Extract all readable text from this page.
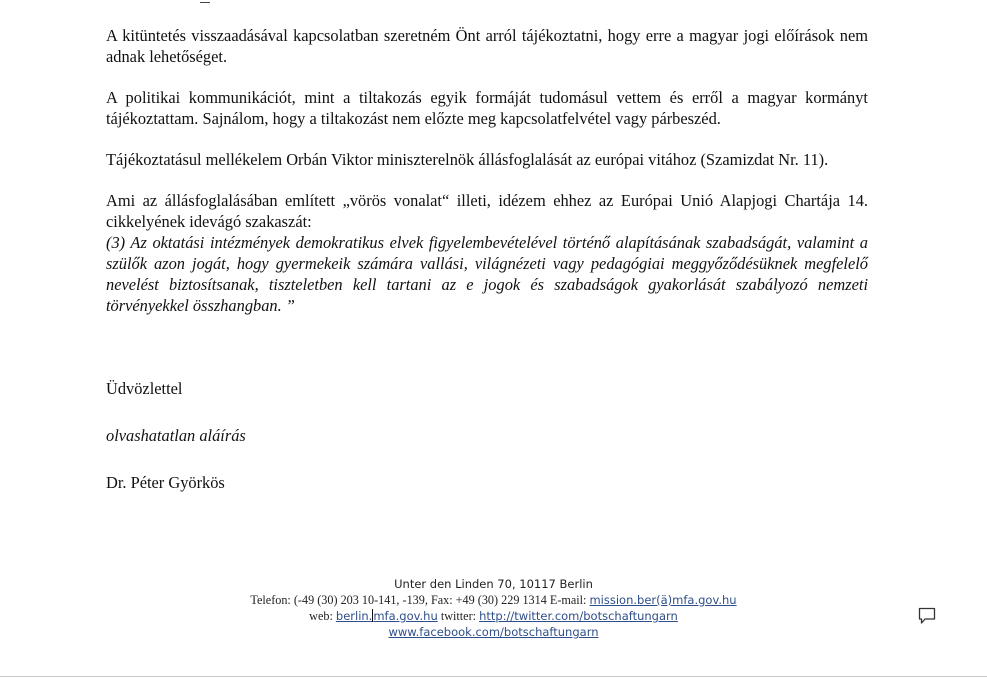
A kitüntetés visszaadásával kapcsolatban szeretném Önt arról tájékoztatni, hogy erre a magyar jogi előírások nem adnak lehetőséget.

A politikai kommunikációt, mint a tiltakozás egyik formáját tudomásul vettem és erről a magyar kormányt tájékoztattam. Sajnálom, hogy a tiltakozást nem előzte meg kapcsolatfelvétel vagy párbeszéd.

Tájékoztatásul mellékelem Orbán Viktor miniszterelnök állásfoglalását az európai vitához (Szamizdat Nr. 11).

Ami az állásfoglalásában említett „vörös vonalat“ illeti, idézem ehhez az Európai Unió Alapjogi Chartája 14. cikkelyének idevágó szakaszát:

(3) Az oktatási intézmények demokratikus elvek figyelembevételével történő alapításának szabadságát, valamint a szülők azon jogát, hogy gyermekeik számára vallási, világnézeti vagy pedagógiai meggyőződésüknek megfelelő nevelést biztosítsanak, tiszteletben kell tartani az e jogok és szabadságok gyakorlását szabályozó nemzeti törvényekkel összhangban. ”

Üdvözlettel
olvashatatlan aláírás
Dr. Péter Györkös
Unter den Linden 70, 10117 Berlin
Telefon: (-49 (30) 203 10-141, -139, Fax: +49 (30) 229 1314 E-mail: mission.ber(ä)mfa.gov.hu
web: berlin.mfa.gov.hu twitter: http://twitter.com/botschaftungarn
www.facebook.com/botschaftungarn
